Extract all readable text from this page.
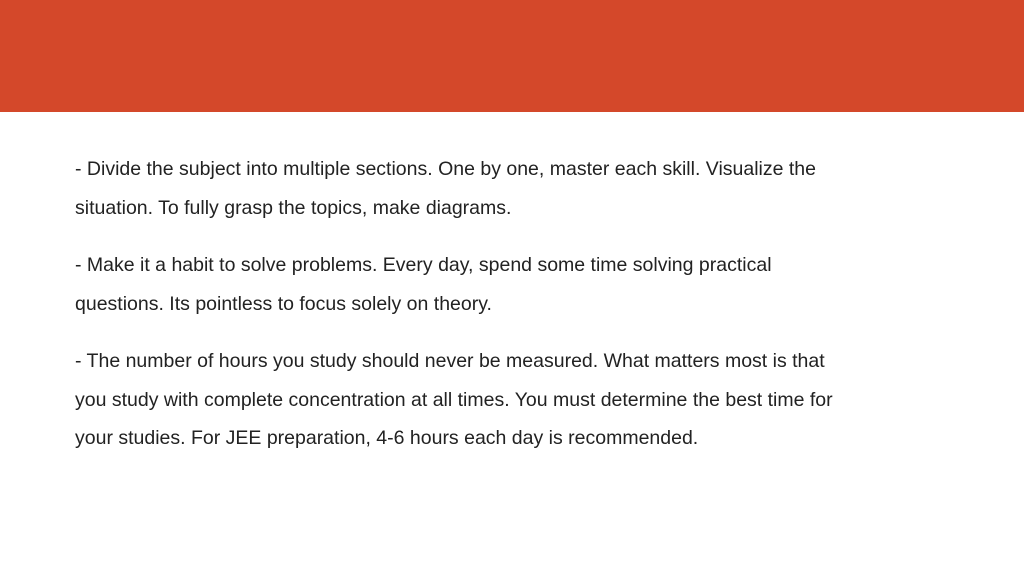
- Divide the subject into multiple sections. One by one, master each skill. Visualize the situation. To fully grasp the topics, make diagrams.

- Make it a habit to solve problems. Every day, spend some time solving practical questions. Its pointless to focus solely on theory.

- The number of hours you study should never be measured. What matters most is that you study with complete concentration at all times. You must determine the best time for your studies. For JEE preparation, 4-6 hours each day is recommended.
